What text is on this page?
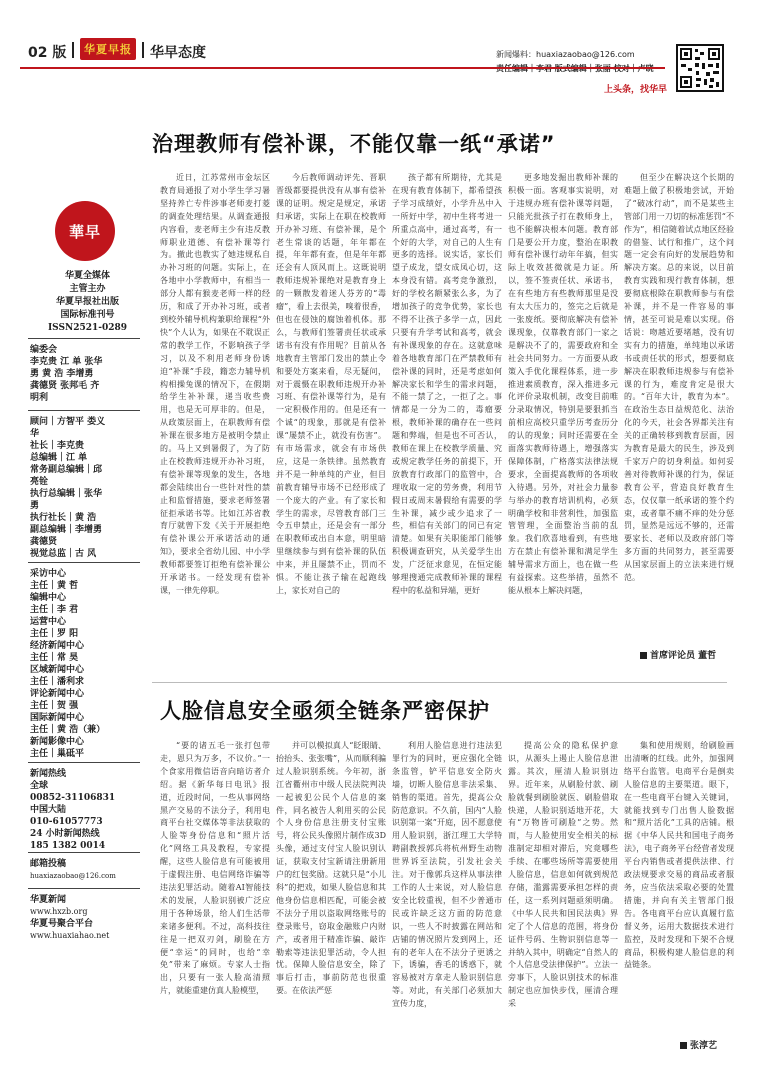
02 版 华夏早报 华早态度	新闻爆料：huaxiazaobao@126.com
上头条，找华早
華早
华夏全媒体
主管主办
华夏早报社出版
国际标准刊号
ISSN2521-0289
编委会
李克贵 江 单 张华
勇 黄 浩 李增勇
龚德贤 张邦毛 齐
明利
顾问｜方智平 娄义
华
社长｜李克贵
总编辑｜江 单
常务副总编辑｜邱
亮铨
执行总编辑｜张华
勇
执行社长｜黄 浩
副总编辑｜李增勇
龚德贤
视觉总监｜古 风
采访中心
主任｜黄 哲
编辑中心
主任｜李 君
运营中心
主任｜罗 阳
经济新闻中心
主任｜常 昊
区域新闻中心
主任｜潘利求
评论新闻中心
主任｜贺 强
国际新闻中心
主任｜黄 浩（兼）
新闻影像中心
主任｜巢砥平
新闻热线
全球
00852-31106831
中国大陆
010-61057773
24 小时新闻热线
185 1382 0014
邮箱投稿
huaxiazaobao@126.com
华夏新闻
www.hxzb.org
华夏号聚合平台
www.huaxiahao.net
治理教师有偿补课，不能仅靠一纸“承诺”

近日，江苏常州市金坛区教育局通报了对小学生学习暑坚持养亡专件涉事老师麦打菱的调查处理结果。从调查通报内容看，麦老师主少有违反教师职业道德、有偿补课等行为。撤此也教实了她违规私自办补习班的问题。实际上，在各地中小学教师中，有相当一部分人都有猴麦老师一样的经历，和成了开办补习班，或者到校外辅导机构兼职给课程“外快”个人认为，如果在不耽误正常的教学工作，不影响孩子学习，以及不利用老师身份诱迫“补课”手段，籍恋力辅导机构相操兔课的情况下，在假期给学生补补课，递当收些费用，也是无可厚非的。但是，从政策层面上，在职教师有偿补课在很多地方是被明令禁止的。马上又到暑假了，为了防止在校教师违规开办补习班，有偿补课等现象的发生，各地都会陆续出台一些针对性的禁止和监督措施，要求老师签署征拒承诺书等。比如江苏省教育厅就曾下发《关于开展拒绝有偿补课公开承诺活动的通知》，要求全省幼儿园、中小学教师都要签订拒绝有偿补课公开承诺书。一经发现有偿补课，一律先停职。

今后教师调动评先、晋职晋级都要提供没有从事有偿补课的证明。规定是规定，承诺归承诺，实际上在职在校教师开办补习班、有偿补课，是个老生常谈的话题，年年都在提，年年都有查，但是年年都还会有人顶风而上。这既说明教师违规补课绝对是教育身上的一颗散发着迷人芬芳的“毒瘤”，看上去很美，嗅着很香，但也在侵蚀的腐蚀着机体。那么，与教师们签署责任状或承诺书有没有作用呢？目前从各地教育主管部门发出的禁止令和要处方案来看，尽无疑问，对于震慑在职教师违规开办补习班、有偿补课等行为，是有一定积极作用的。但是还有一个诚“的现象，那就是有偿补课“屡禁不止，就没有伤害”。有市场需求，就会有市场供应，这是一条铁律。虽然教育并不是一种单纯的产业，但目前教育辅导市场不已经形成了一个庞大的产业。有了家长和学生的需求，尽管教育部门三令五申禁止，还是会有一部分在职教师或出自本意，明里暗里继续参与到有偿补课的队伍中来，并且屡禁不止，罚而不惧。不能让孩子输在起跑线上，家长对自己的

孩子都有所期待，尤其是在现有教育体制下，都希望孩子学习成绩好，小学升丛中入一所好中学，初中生将考进一所重点高中，通过高考，有一个好的大学，对自己的人生有更多的选择。说实话，家长们望子成龙，望女成凤心切，这本身没有错。高考竞争激烈，好的学校名额紧张么多，为了增加孩子的竞争优势，家长也不得不让孩子多学一点，因此只要有升学考试和高考，就会有补课现象的存在。这就意味着各地教育部门在严禁教师有偿补课的同时，还是考虑如何解决家长和学生的需求问题，不能一禁了之，一拒了之。事情都是一分为二的，毒瘤要根，教师补课的确存在一些问题和弊端，但是也不可否认，教师在课上在校教学质量、究或规定教学任务的前提下，开放教育行政部门的监管中，合理收取一定的劳务费，利用节假日或周末暑假给有需要的学生补课，减少或少追求了一些，相信有关部门的同已有定清楚。如果有关职能部门能够积极调查研究，从关爱学生出发，广泛征求意见，在恒定能够理搜通完成教师补课的课程程中的私益和异端，更好

更多地发掘出教师补课的积极一面。客观事实说明，对于违规办班有偿补课等问题，只能光批孩子打在教师身上，也不能解决根本问题。教育部门是要公开力度，整治在职教师有偿补课行动年年搞，但实际上收效甚微就是力证。所以，签不签责任状、承诺书，在有些地方有些教师那里是没有太大压力的，签完之后就是一张废纸。要彻底解决有偿补课现象，仅靠教育部门一家之是解决不了的，需要政府和全社会共同努力。一方面要从政策入手优化课程体系，进一步推进素质教育，深入推进多元化评价录取机制，改变目前唯分录取情况，特别是要狠抓当前相应高校只重学历考查历分的认的现象；同时还需要在全面落实教师待遇上，增强落实保障体制，广格落实法律法规要求，全面提高教师的各项收入待遇。另外，对社会力量参与举办的教育培训机构，必须明确学校和非营利性，加强监管管理，全面整治当前的乱象。我们欣喜地看到，有些地方在禁止有偿补课和满足学生辅导需求方面上，也在做一些有益探索。这些举措，虽然不能从根本上解决问题，

但至少在解决这个长期的难题上做了积极地尝试，开始了“破冰行动”，而不是某些主管部门用一刀切的标准惩罚“不作为”，相信随着试点地区经验的借鉴、试行和推广，这个问题一定会有向好的发展趋势和解决方案。总的来说，以目前教育实践和现行教育体制，想要彻底根除在职教师参与有偿补课，并不是一件容易的事情，甚至可说是难以实现。俗话说：吻越近要堵越，没有切实有力的措施，单纯地以承诺书或责任状的形式，想要彻底解决在职教师违规参与有偿补课的行为，难度肯定是很大的。“百年大计，教育为本”。在政治生态日益规范化、法治化的今天，社会各界都关注有关的正确转移到教育层面，因为教育是最大的民生，涉及到千家万户的切身利益。如何妥善对待教师补课的行为，保证教育公平，营造良好教育生态，仅仅靠一纸承诺的签个约束，或者靠不痛不痒的处分惩罚，显然是远远不够的，还需要家长、老师以及政府部门等多方面的共同努力，甚至需要从国家层面上的立法来进行规范。

首席评论员 董哲
人脸信息安全亟须全链条严密保护

“要的诸五毛一张打包带走，恩只为万多，不议价。”一个食家用微信语音向暗访者介绍。据《新华每日电讯》报道，近段时间，一些从事网络黑产交易的不法分子，利用电商平台社交媒体等非法获取的人脸等身份信息和“照片活化”网络工具及教程，专家提醒，这些人脸信息有可能被用于虚假注册、电信网络诈骗等违法犯罪活动。随着AI智能技术的发展，人脸识别被广泛应用于各种场景，给人们生活带来诸多便利。不过，高科技往往是一把双刃剑，刷脸在方便“幸运”的同时，也给“幸免”带来了麻烦。专家人士指出，只要有一张人脸高清照片，就能重建仿真人脸模型，

并可以模拟真人“眨眼睛、抬抬头、张张嘴”，从而顺利骗过人脸识别系统。今年初，浙江省衢州市中级人民法院判决一起被犯公民个人信息的案件，同名被告人利用买的公民个人身份信息注册支付宝账号，将公民头像照片制作成3D头像，通过支付宝人脸识别认证，获取支付宝新请注册新用户的红包奖励。这就只是“小儿科”的把戏，如果人脸信息和其他身份信息相匹配，可能会被不法分子用以盗取网络账号的登录账号，窃取金融账户内财产，或者用于精准诈骗、敲诈勒索等违法犯罪活动，令人担忧。保障人脸信息安全，除了事后打击，事前防范也很重要。在依法严惩

利用人脸信息进行违法犯罪行为的同时，更应强化全链条监管，铲平信息安全防火墙，切断人脸信息非法采集、销售的渠道。首先，提高公众防范意识。不久前，国内“人脸识别第一案”开庭，因不愿意使用人脸识别，浙江理工大学特聘副教授郭兵将杭州野生动物世界诉至法院，引发社会关注。对于像郭兵这样从事法律工作的人士来说，对人脸信息安全比较重视，但不少普通市民或许缺乏这方面的防范意识，一些人不时披露在网站和店铺的情况照片发到网上，还有的老年人在不法分子更诱之下，诱骗，香毛的诱惑下，就容易被对方拿走人脸识别信息等。对此，有关部门必须加大宣传力度，

提高公众的隐私保护意识，从源头上遏止人脸信息泄露。其次，厘清人脸识别边界。近年来，从刷脸付款、刷脸就餐到刷脸就医、刷脸借取快递，人脸识别适地开花，大有“万物皆可刷脸”之势。然而，与人脸使用安全相关的标准制定却相对滞后，究竟哪些手续、在哪些场所等需要使用人脸信息，信息如何就到规范存储，滥露需要承担怎样的责任，这一系列问题亟须明确。《中华人民共和国民法典》界定了个人信息的范围，将身份证件号码、生物识别信息等一并纳入其中，明确定“自然人的个人信息受法律保护”。立法一旁事下，人脸识别技术的标准制定也应加快步伐，厘清合理采

集和使用规则，给刷脸画出清晰的红线。此外，加强网络平台监管。电商平台是倒卖人脸信息的主要渠道。眼下，在一些电商平台键入关键词，就能找到专门出售人脸数据和“照片活化”工具的店铺。根据《中华人民共和国电子商务法》，电子商务平台经营者发现平台内销售或者提供法律、行政法规要求交易的商品或者服务，应当依法采取必要的处置措施，并向有关主管部门报告。各电商平台应认真履行监督义务，运用大数据技术进行监控，及时发现和下架不合规商品，积极构建人脸信息的利益链条。

张淳艺
